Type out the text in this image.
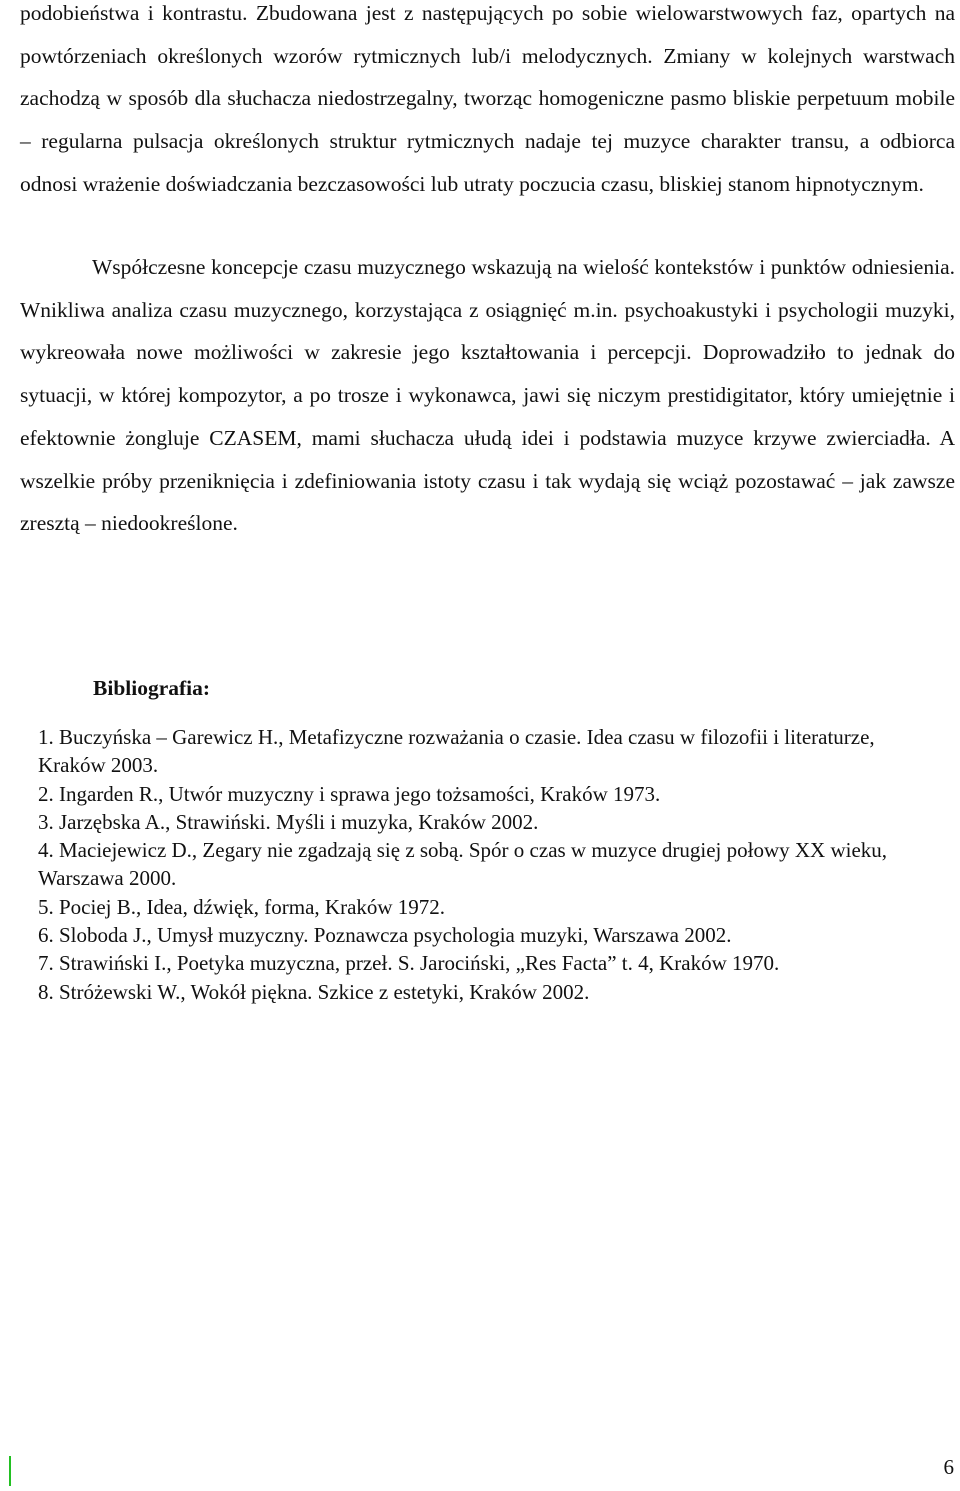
podobieństwa i kontrastu. Zbudowana jest z następujących po sobie wielowarstwowych faz, opartych na powtórzeniach określonych wzorów rytmicznych lub/i melodycznych. Zmiany w kolejnych warstwach zachodzą w sposób dla słuchacza niedostrzegalny, tworząc homogeniczne pasmo bliskie perpetuum mobile – regularna pulsacja określonych struktur rytmicznych nadaje tej muzyce charakter transu, a odbiorca odnosi wrażenie doświadczania bezczasowości lub utraty poczucia czasu, bliskiej stanom hipnotycznym.

Współczesne koncepcje czasu muzycznego wskazują na wielość kontekstów i punktów odniesienia. Wnikliwa analiza czasu muzycznego, korzystająca z osiągnięć m.in. psychoakustyki i psychologii muzyki, wykreowała nowe możliwości w zakresie jego kształtowania i percepcji. Doprowadziło to jednak do sytuacji, w której kompozytor, a po trosze i wykonawca, jawi się niczym prestidigitator, który umiejętnie i efektownie żongluje CZASEM, mami słuchacza ułudą idei i podstawia muzyce krzywe zwierciadła. A wszelkie próby przeniknięcia i zdefiniowania istoty czasu i tak wydają się wciąż pozostawać – jak zawsze zresztą – niedookreślone.

Bibliografia:
1. Buczyńska – Garewicz H., Metafizyczne rozważania o czasie. Idea czasu w filozofii i literaturze, Kraków 2003.
2. Ingarden R., Utwór muzyczny i sprawa jego tożsamości, Kraków 1973.
3. Jarzębska A., Strawiński. Myśli i muzyka, Kraków 2002.
4. Maciejewicz D., Zegary nie zgadzają się z sobą. Spór o czas w muzyce drugiej połowy XX wieku, Warszawa 2000.
5. Pociej B., Idea, dźwięk, forma, Kraków 1972.
6. Sloboda J., Umysł muzyczny. Poznawcza psychologia muzyki, Warszawa 2002.
7. Strawiński I., Poetyka muzyczna, przeł. S. Jarociński, „Res Facta” t. 4, Kraków 1970.
8. Stróżewski W., Wokół piękna. Szkice z estetyki, Kraków 2002.

6
